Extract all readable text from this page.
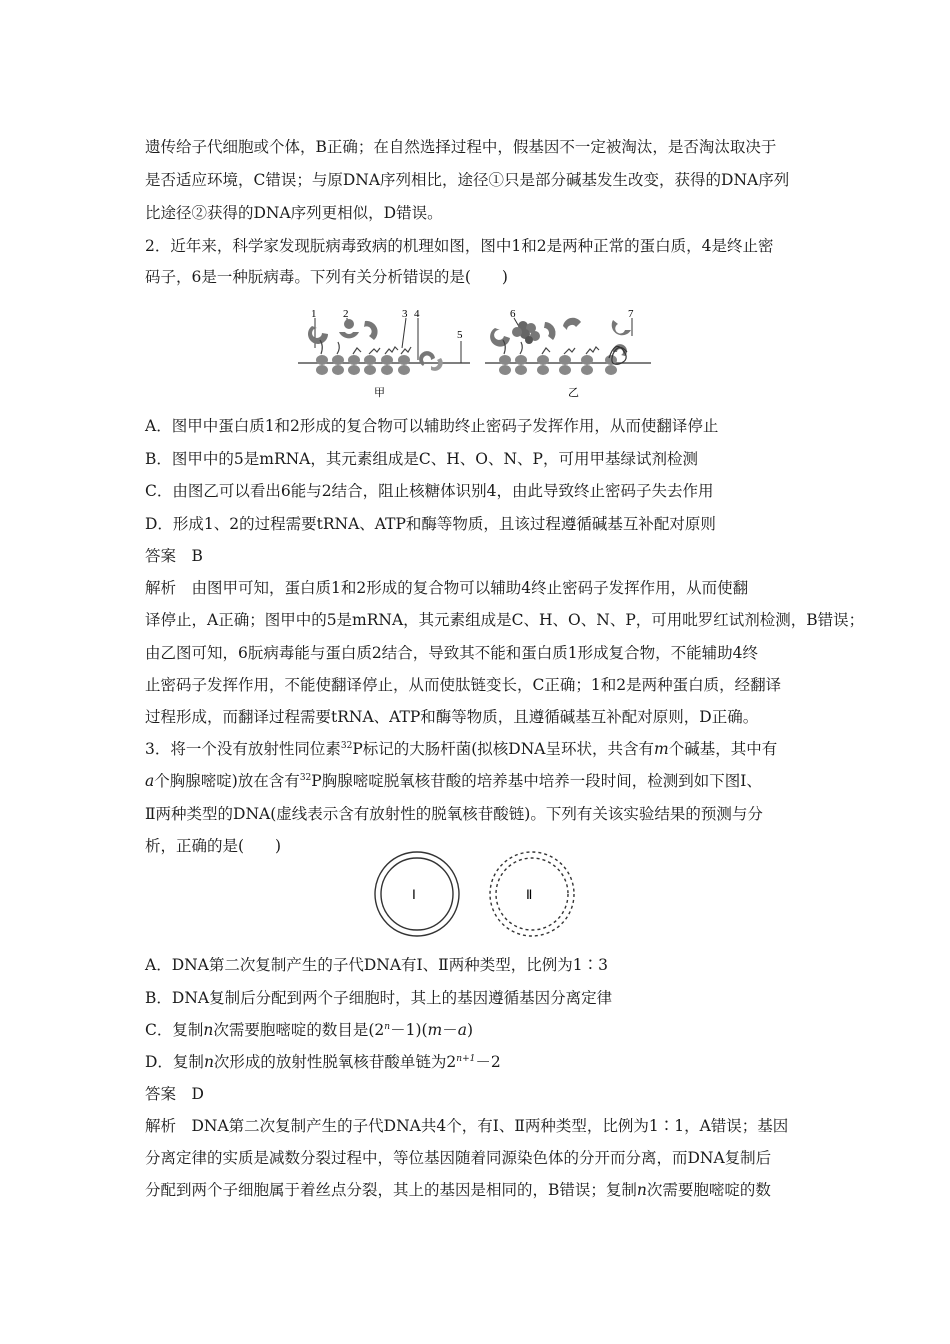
遗传给子代细胞或个体，B正确；在自然选择过程中，假基因不一定被淘汰，是否淘汰取决于
是否适应环境，C错误；与原DNA序列相比，途径①只是部分碱基发生改变，获得的DNA序列
比途径②获得的DNA序列更相似，D错误。
2．近年来，科学家发现朊病毒致病的机理如图，图中1和2是两种正常的蛋白质，4是终止密
码子，6是一种朊病毒。下列有关分析错误的是(　　)
1 2	3 4
5
6	7
甲	乙
A．图甲中蛋白质1和2形成的复合物可以辅助终止密码子发挥作用，从而使翻译停止
B．图甲中的5是mRNA，其元素组成是C、H、O、N、P，可用甲基绿试剂检测
C．由图乙可以看出6能与2结合，阻止核糖体识别4，由此导致终止密码子失去作用
D．形成1、2的过程需要tRNA、ATP和酶等物质，且该过程遵循碱基互补配对原则
答案　B
解析　由图甲可知，蛋白质1和2形成的复合物可以辅助4终止密码子发挥作用，从而使翻
译停止，A正确；图甲中的5是mRNA，其元素组成是C、H、O、N、P，可用吡罗红试剂检测，B错误；
由乙图可知，6朊病毒能与蛋白质2结合，导致其不能和蛋白质1形成复合物，不能辅助4终
止密码子发挥作用，不能使翻译停止，从而使肽链变长，C正确；1和2是两种蛋白质，经翻译
过程形成，而翻译过程需要tRNA、ATP和酶等物质，且遵循碱基互补配对原则，D正确。
3．将一个没有放射性同位素$^{32}$P标记的大肠杆菌(拟核DNA呈环状，共含有m个碱基，其中有
a个胸腺嘧啶)放在含有$^{32}$P胸腺嘧啶脱氧核苷酸的培养基中培养一段时间，检测到如下图Ⅰ、
Ⅱ两种类型的DNA(虚线表示含有放射性的脱氧核苷酸链)。下列有关该实验结果的预测与分
析，正确的是(　　)
Ⅰ	Ⅱ
A．DNA第二次复制产生的子代DNA有Ⅰ、Ⅱ两种类型，比例为1∶3
B．DNA复制后分配到两个子细胞时，其上的基因遵循基因分离定律
C．复制n次需要胞嘧啶的数目是$(2^n-1)(m-a)$
D．复制n次形成的放射性脱氧核苷酸单链为$2^{n+1}-2$
答案　D
解析　DNA第二次复制产生的子代DNA共4个，有Ⅰ、Ⅱ两种类型，比例为1∶1，A错误；基因
分离定律的实质是减数分裂过程中，等位基因随着同源染色体的分开而分离，而DNA复制后
分配到两个子细胞属于着丝点分裂，其上的基因是相同的，B错误；复制n次需要胞嘧啶的数
